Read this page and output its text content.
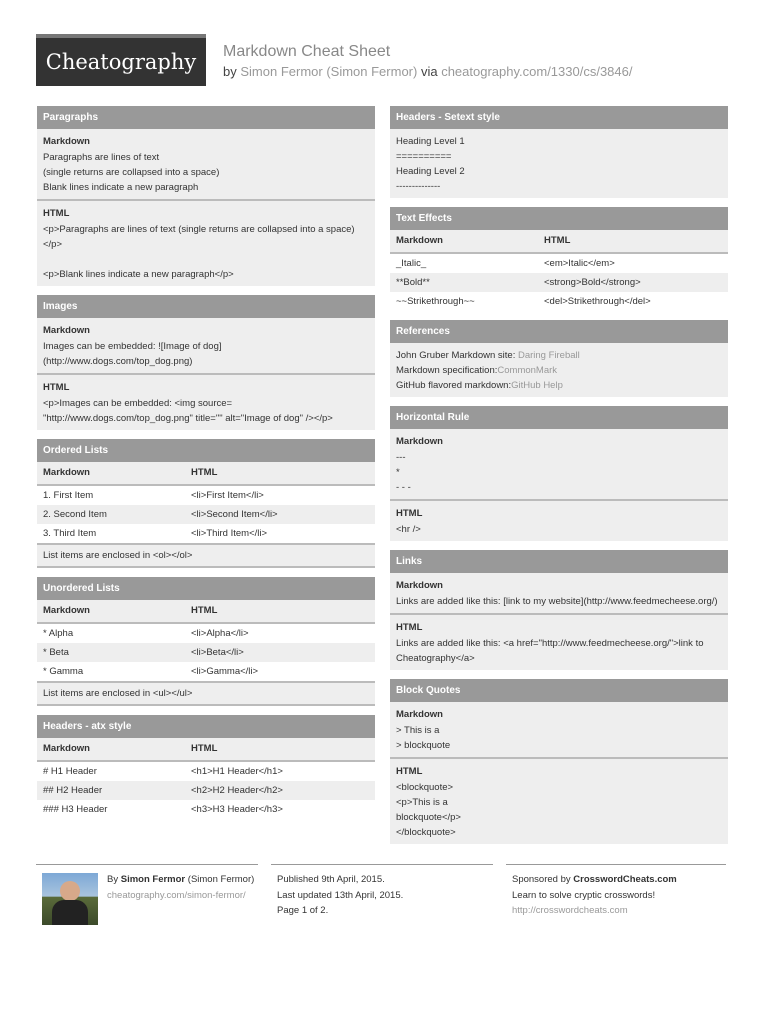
Cheatography	Markdown Cheat Sheet
by Simon Fermor (Simon Fermor) via cheatography.com/1330/cs/3846/
Paragraphs
Markdown
Paragraphs are lines of text
(single returns are collapsed into a space)
Blank lines indicate a new paragraph
HTML
<p>Paragraphs are lines of text (single returns are collapsed into a space)</p>
<p>Blank lines indicate a new paragraph</p>
Images
Markdown
Images can be embedded: ![Image of dog](http://www.dogs.com/top_dog.png)
HTML
<p>Images can be embedded: <img source= "http://www.dogs.com/top_dog.png" title="" alt="Image of dog" /></p>
Ordered Lists
Markdown	HTML
1. First Item	<li>First Item</li>
2. Second Item	<li>Second Item</li>
3. Third Item	<li>Third Item</li>
List items are enclosed in <ol></ol>
Unordered Lists
Markdown	HTML
* Alpha	<li>Alpha</li>
* Beta	<li>Beta</li>
* Gamma	<li>Gamma</li>
List items are enclosed in <ul></ul>
Headers - atx style
Markdown	HTML
# H1 Header	<h1>H1 Header</h1>
## H2 Header	<h2>H2 Header</h2>
### H3 Header	<h3>H3 Header</h3>
Headers - Setext style
Heading Level 1
==========
Heading Level 2
--------------
Text Effects
Markdown	HTML
_Italic_	<em>Italic</em>
**Bold**	<strong>Bold</strong>
~~Strikethrough~~	<del>Strikethrough</del>
References
John Gruber Markdown site: Daring Fireball
Markdown specification:CommonMark
GitHub flavored markdown:GitHub Help
Horizontal Rule
Markdown
---
*
- - -
HTML
<hr />
Links
Markdown
Links are added like this: [link to my website](http://www.feedmecheese.org/)
HTML
Links are added like this: <a href="http://www.feedmecheese.org/">link to Cheatography</a>
Block Quotes
Markdown
> This is a
> blockquote
HTML
<blockquote>
<p>This is a
blockquote</p>
</blockquote>
By Simon Fermor (Simon Fermor)
cheatography.com/simon-fermor/
Published 9th April, 2015.
Last updated 13th April, 2015.
Page 1 of 2.
Sponsored by CrosswordCheats.com
Learn to solve cryptic crosswords!
http://crosswordcheats.com
